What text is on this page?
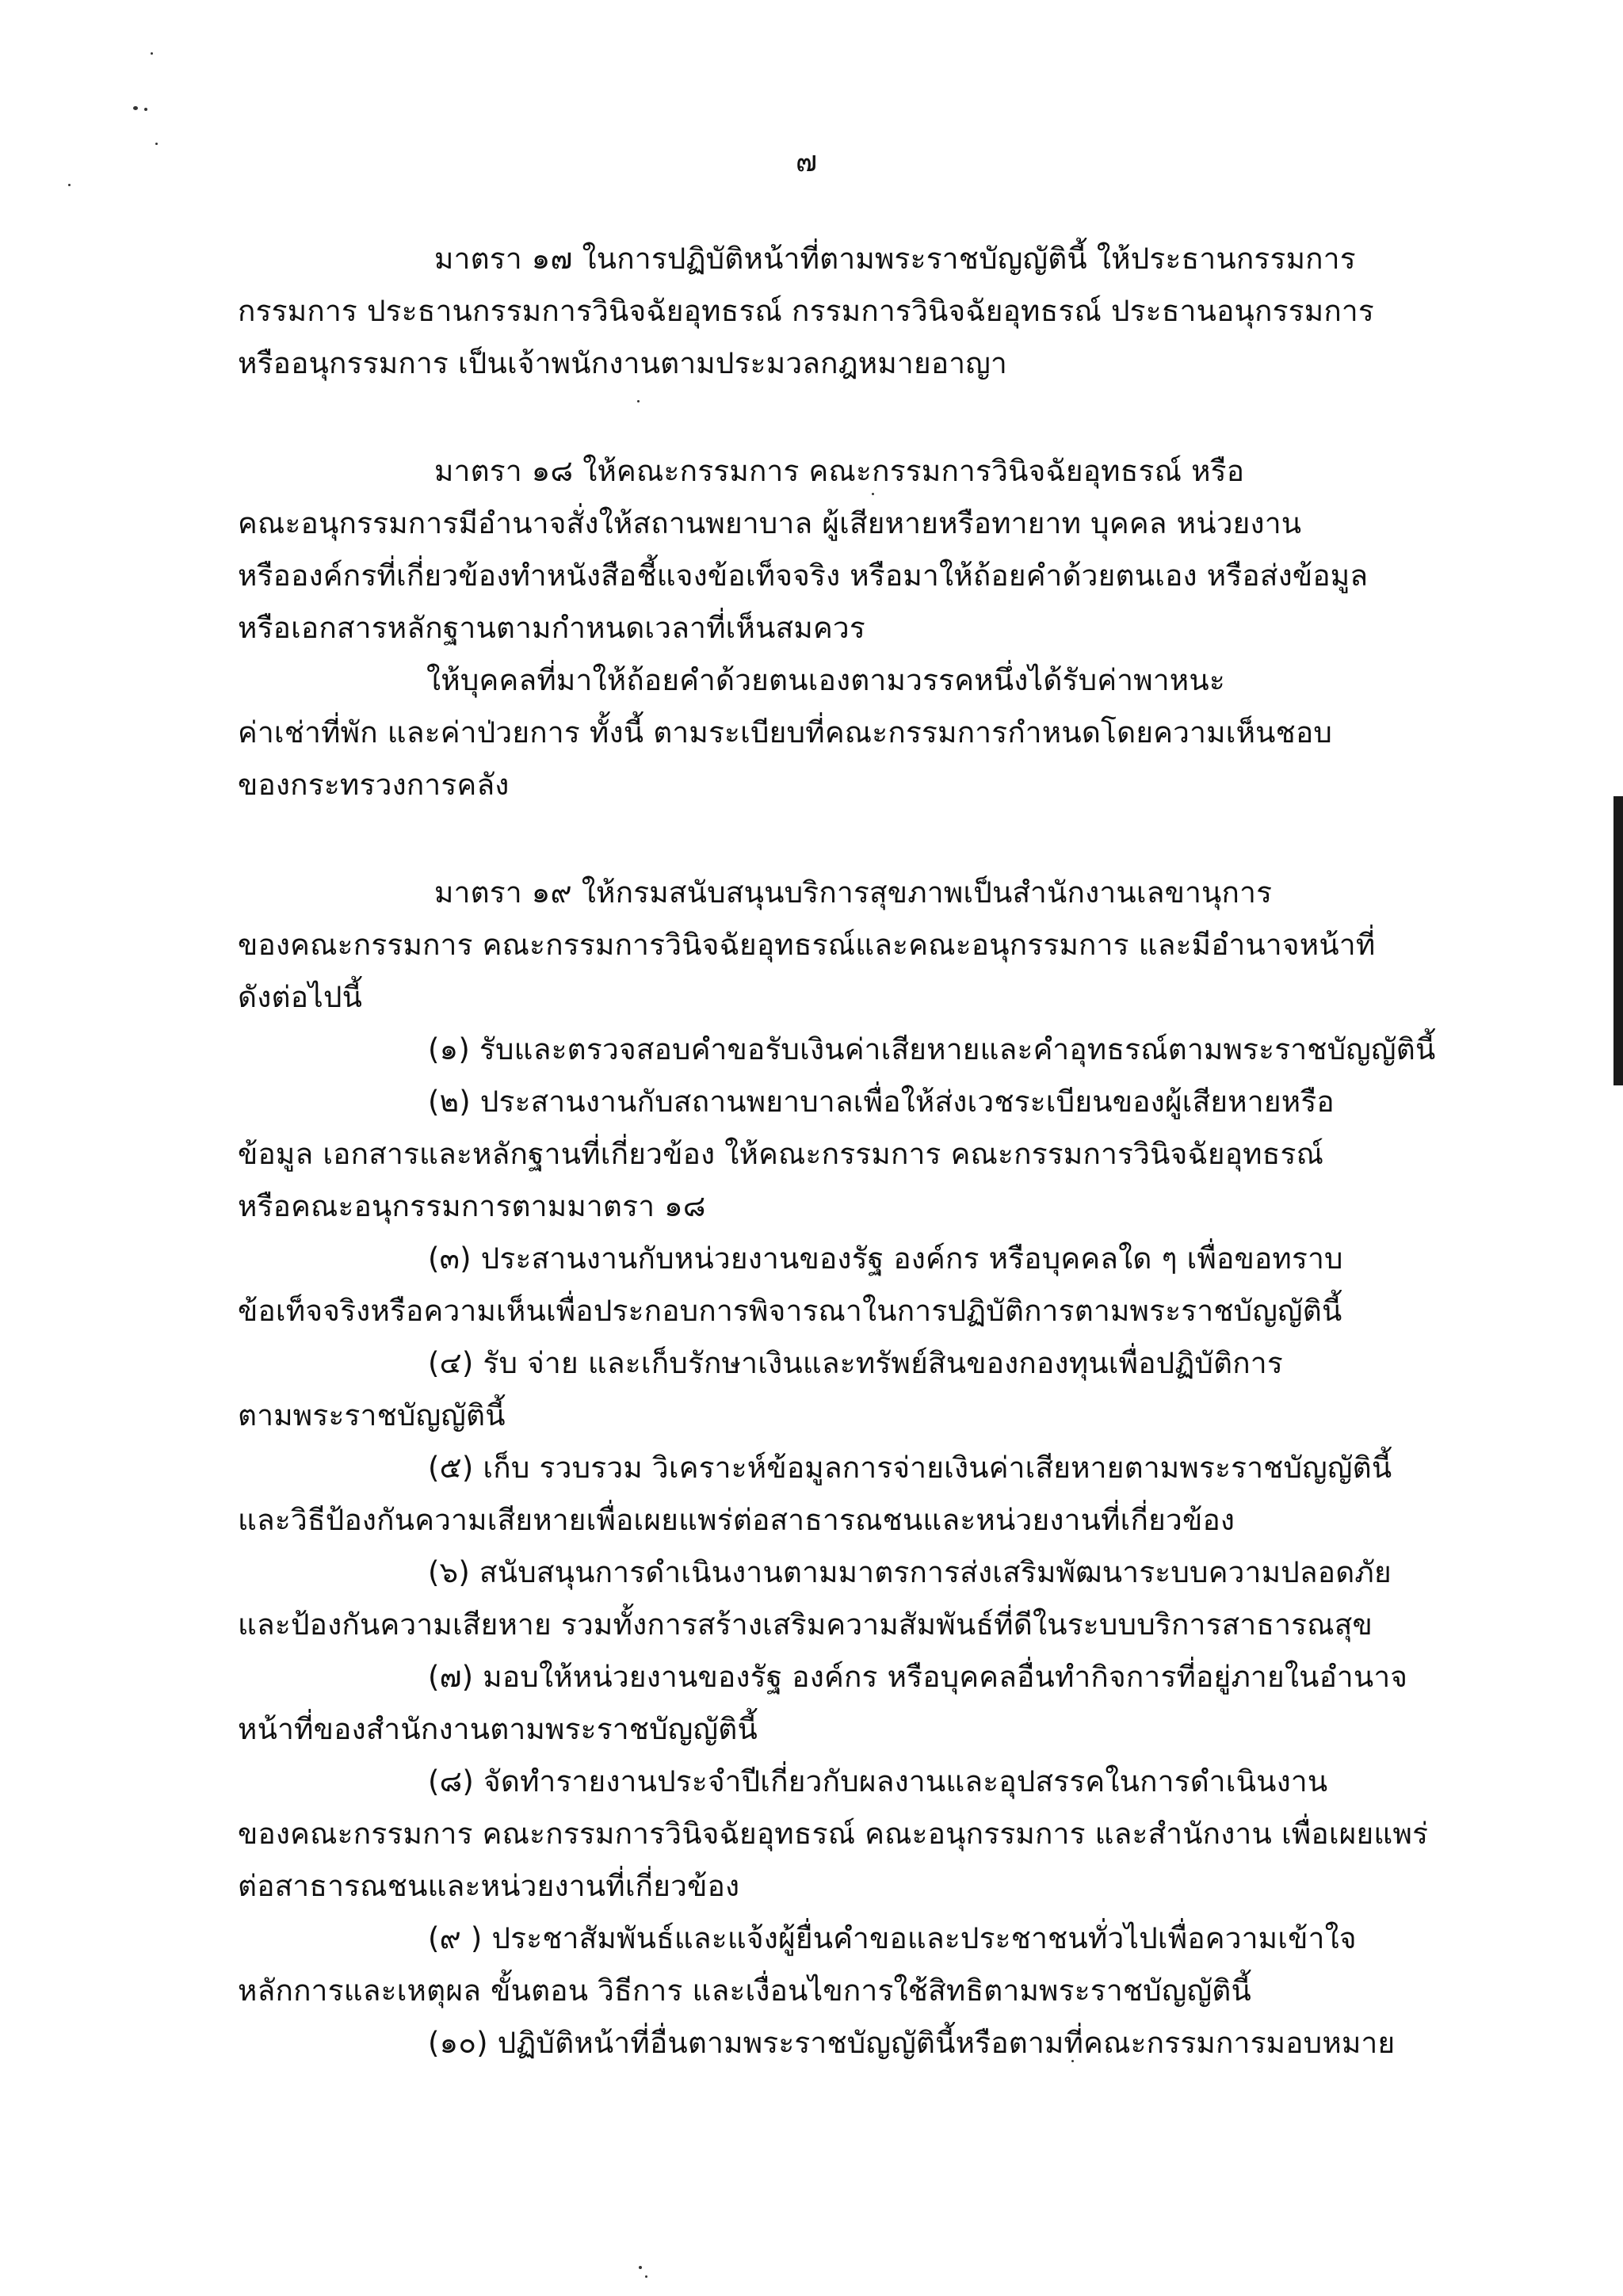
๗
มาตรา ๑๗ ในการปฏิบัติหน้าที่ตามพระราชบัญญัตินี้ ให้ประธานกรรมการ
กรรมการ ประธานกรรมการวินิจฉัยอุทธรณ์ กรรมการวินิจฉัยอุทธรณ์ ประธานอนุกรรมการ
หรืออนุกรรมการ เป็นเจ้าพนักงานตามประมวลกฎหมายอาญา
มาตรา ๑๘ ให้คณะกรรมการ คณะกรรมการวินิจฉัยอุทธรณ์ หรือ
คณะอนุกรรมการมีอำนาจสั่งให้สถานพยาบาล ผู้เสียหายหรือทายาท บุคคล หน่วยงาน
หรือองค์กรที่เกี่ยวข้องทำหนังสือชี้แจงข้อเท็จจริง หรือมาให้ถ้อยคำด้วยตนเอง หรือส่งข้อมูล
หรือเอกสารหลักฐานตามกำหนดเวลาที่เห็นสมควร
ให้บุคคลที่มาให้ถ้อยคำด้วยตนเองตามวรรคหนึ่งได้รับค่าพาหนะ
ค่าเช่าที่พัก และค่าป่วยการ ทั้งนี้ ตามระเบียบที่คณะกรรมการกำหนดโดยความเห็นชอบ
ของกระทรวงการคลัง
มาตรา ๑๙ ให้กรมสนับสนุนบริการสุขภาพเป็นสำนักงานเลขานุการ
ของคณะกรรมการ คณะกรรมการวินิจฉัยอุทธรณ์และคณะอนุกรรมการ และมีอำนาจหน้าที่
ดังต่อไปนี้
(๑) รับและตรวจสอบคำขอรับเงินค่าเสียหายและคำอุทธรณ์ตามพระราชบัญญัตินี้
(๒) ประสานงานกับสถานพยาบาลเพื่อให้ส่งเวชระเบียนของผู้เสียหายหรือ
ข้อมูล เอกสารและหลักฐานที่เกี่ยวข้อง ให้คณะกรรมการ คณะกรรมการวินิจฉัยอุทธรณ์
หรือคณะอนุกรรมการตามมาตรา ๑๘
(๓) ประสานงานกับหน่วยงานของรัฐ องค์กร หรือบุคคลใด ๆ เพื่อขอทราบ
ข้อเท็จจริงหรือความเห็นเพื่อประกอบการพิจารณาในการปฏิบัติการตามพระราชบัญญัตินี้
(๔) รับ จ่าย และเก็บรักษาเงินและทรัพย์สินของกองทุนเพื่อปฏิบัติการ
ตามพระราชบัญญัตินี้
(๕) เก็บ รวบรวม วิเคราะห์ข้อมูลการจ่ายเงินค่าเสียหายตามพระราชบัญญัตินี้
และวิธีป้องกันความเสียหายเพื่อเผยแพร่ต่อสาธารณชนและหน่วยงานที่เกี่ยวข้อง
(๖) สนับสนุนการดำเนินงานตามมาตรการส่งเสริมพัฒนาระบบความปลอดภัย
และป้องกันความเสียหาย รวมทั้งการสร้างเสริมความสัมพันธ์ที่ดีในระบบบริการสาธารณสุข
(๗) มอบให้หน่วยงานของรัฐ องค์กร หรือบุคคลอื่นทำกิจการที่อยู่ภายในอำนาจ
หน้าที่ของสำนักงานตามพระราชบัญญัตินี้
(๘) จัดทำรายงานประจำปีเกี่ยวกับผลงานและอุปสรรคในการดำเนินงาน
ของคณะกรรมการ คณะกรรมการวินิจฉัยอุทธรณ์ คณะอนุกรรมการ และสำนักงาน เพื่อเผยแพร่
ต่อสาธารณชนและหน่วยงานที่เกี่ยวข้อง
(๙ ) ประชาสัมพันธ์และแจ้งผู้ยื่นคำขอและประชาชนทั่วไปเพื่อความเข้าใจ
หลักการและเหตุผล ขั้นตอน วิธีการ และเงื่อนไขการใช้สิทธิตามพระราชบัญญัตินี้
(๑๐) ปฏิบัติหน้าที่อื่นตามพระราชบัญญัตินี้หรือตามที่คณะกรรมการมอบหมาย
